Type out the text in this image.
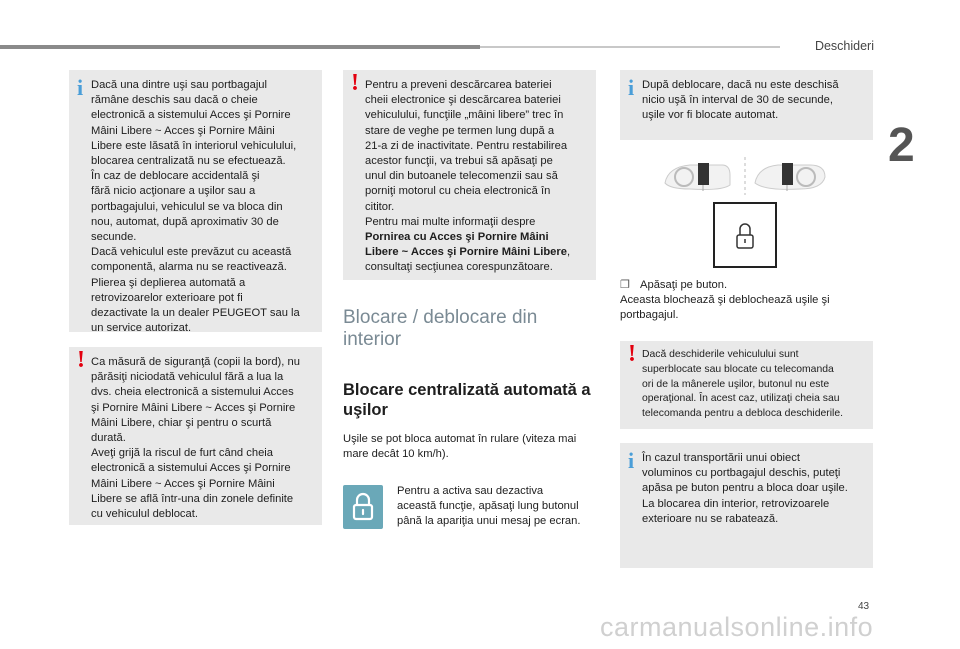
Deschideri
2
i Dacă una dintre uşi sau portbagajul

rămâne deschis sau dacă o cheie

electronică a sistemului Acces şi Pornire

Mâini Libere ~ Acces şi Pornire Mâini

Libere este lăsată în interiorul vehiculului,

blocarea centralizată nu se efectuează.

În caz de deblocare accidentală şi

fără nicio acţionare a uşilor sau a

portbagajului, vehiculul se va bloca din

nou, automat, după aproximativ 30 de

secunde.

Dacă vehiculul este prevăzut cu această

componentă, alarma nu se reactivează.

Plierea şi deplierea automată a

retrovizoarelor exterioare pot fi

dezactivate la un dealer PEUGEOT sau la

un service autorizat.

! Ca măsură de siguranţă (copii la bord), nu

părăsiţi niciodată vehiculul fără a lua la

dvs. cheia electronică a sistemului Acces

şi Pornire Mâini Libere ~ Acces şi Pornire

Mâini Libere, chiar şi pentru o scurtă

durată.

Aveţi grijă la riscul de furt când cheia

electronică a sistemului Acces şi Pornire

Mâini Libere ~ Acces şi Pornire Mâini

Libere se află într-una din zonele definite

cu vehiculul deblocat.

! Pentru a preveni descărcarea bateriei

cheii electronice şi descărcarea bateriei

vehiculului, funcţiile „mâini libere” trec în

stare de veghe pe termen lung după a

21-a zi de inactivitate. Pentru restabilirea

acestor funcţii, va trebui să apăsaţi pe

unul din butoanele telecomenzii sau să

porniţi motorul cu cheia electronică în

cititor.

Pentru mai multe informaţii despre

Pornirea cu Acces şi Pornire Mâini

Libere ~ Acces şi Pornire Mâini Libere,

consultaţi secţiunea corespunzătoare.

Blocare / deblocare din interior
Blocare centralizată automată a uşilor

Uşile se pot bloca automat în rulare (viteza mai

mare decât 10 km/h).

Pentru a activa sau dezactiva

această funcţie, apăsaţi lung butonul

până la apariţia unui mesaj pe ecran.

i După deblocare, dacă nu este deschisă

nicio uşă în interval de 30 de secunde,

uşile vor fi blocate automat.

❐ Apăsaţi pe buton.

Aceasta blochează şi deblochează uşile şi

portbagajul.

! Dacă deschiderile vehiculului sunt

superblocate sau blocate cu telecomanda

ori de la mânerele uşilor, butonul nu este

operaţional. În acest caz, utilizaţi cheia sau

telecomanda pentru a debloca deschiderile.

i În cazul transportării unui obiect

voluminos cu portbagajul deschis, puteţi

apăsa pe buton pentru a bloca doar uşile.

La blocarea din interior, retrovizoarele

exterioare nu se rabatează.

43
carmanualsonline.info
